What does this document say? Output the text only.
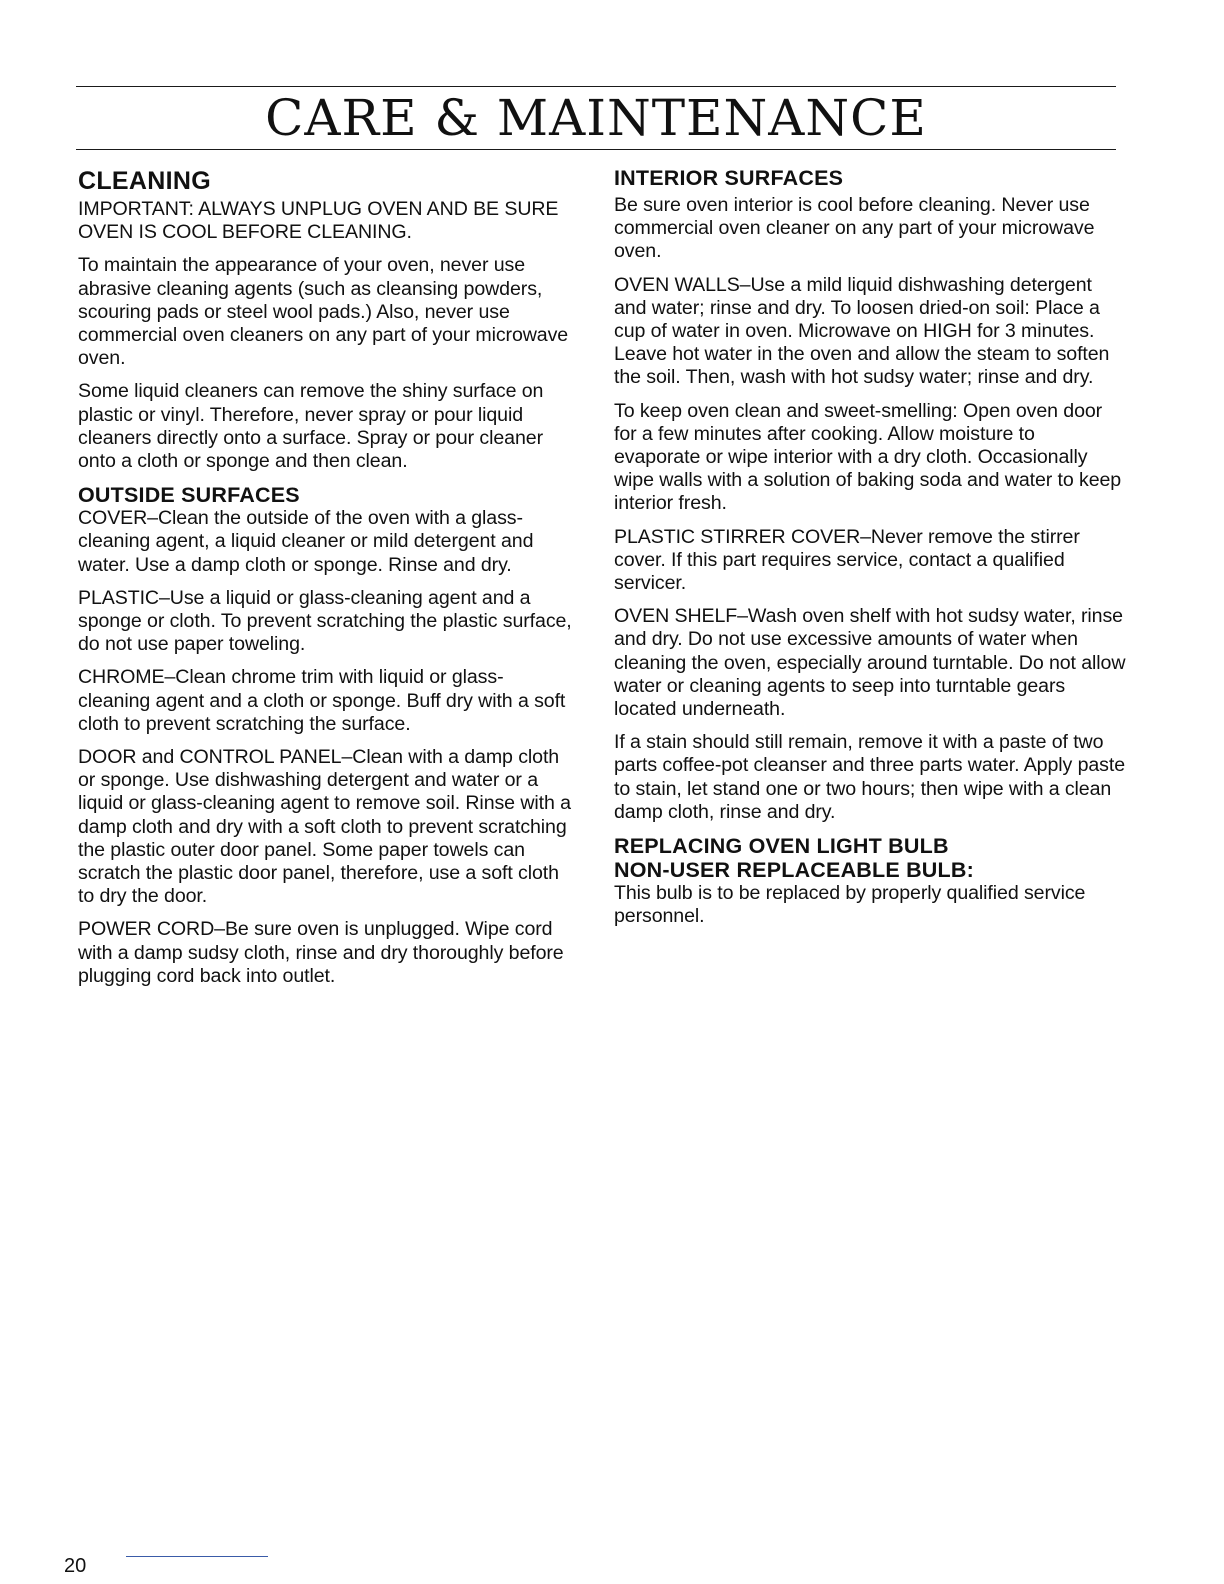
CARE & MAINTENANCE
CLEANING

IMPORTANT: ALWAYS UNPLUG OVEN AND BE SURE OVEN IS COOL BEFORE CLEANING.

To maintain the appearance of your oven, never use abrasive cleaning agents (such as cleansing powders, scouring pads or steel wool pads.) Also, never use commercial oven cleaners on any part of your microwave oven.

Some liquid cleaners can remove the shiny surface on plastic or vinyl. Therefore, never spray or pour liquid cleaners directly onto a surface. Spray or pour cleaner onto a cloth or sponge and then clean.

OUTSIDE SURFACES

COVER–Clean the outside of the oven with a glass-cleaning agent, a liquid cleaner or mild detergent and water. Use a damp cloth or sponge. Rinse and dry.

PLASTIC–Use a liquid or glass-cleaning agent and a sponge or cloth. To prevent scratching the plastic surface, do not use paper toweling.

CHROME–Clean chrome trim with liquid or glass-cleaning agent and a cloth or sponge. Buff dry with a soft cloth to prevent scratching the surface.

DOOR and CONTROL PANEL–Clean with a damp cloth or sponge. Use dishwashing detergent and water or a liquid or glass-cleaning agent to remove soil. Rinse with a damp cloth and dry with a soft cloth to prevent scratching the plastic outer door panel. Some paper towels can scratch the plastic door panel, therefore, use a soft cloth to dry the door.

POWER CORD–Be sure oven is unplugged. Wipe cord with a damp sudsy cloth, rinse and dry thoroughly before plugging cord back into outlet.

INTERIOR SURFACES

Be sure oven interior is cool before cleaning. Never use commercial oven cleaner on any part of your microwave oven.

OVEN WALLS–Use a mild liquid dishwashing detergent and water; rinse and dry. To loosen dried-on soil: Place a cup of water in oven. Microwave on HIGH for 3 minutes. Leave hot water in the oven and allow the steam to soften the soil. Then, wash with hot sudsy water; rinse and dry.

To keep oven clean and sweet-smelling: Open oven door for a few minutes after cooking. Allow moisture to evaporate or wipe interior with a dry cloth. Occasionally wipe walls with a solution of baking soda and water to keep interior fresh.

PLASTIC STIRRER COVER–Never remove the stirrer cover. If this part requires service, contact a qualified servicer.

OVEN SHELF–Wash oven shelf with hot sudsy water, rinse and dry. Do not use excessive amounts of water when cleaning the oven, especially around turntable. Do not allow water or cleaning agents to seep into turntable gears located underneath.

If a stain should still remain, remove it with a paste of two parts coffee-pot cleanser and three parts water. Apply paste to stain, let stand one or two hours; then wipe with a clean damp cloth, rinse and dry.

REPLACING OVEN LIGHT BULB
NON-USER REPLACEABLE BULB:

This bulb is to be replaced by properly qualified service personnel.

20
